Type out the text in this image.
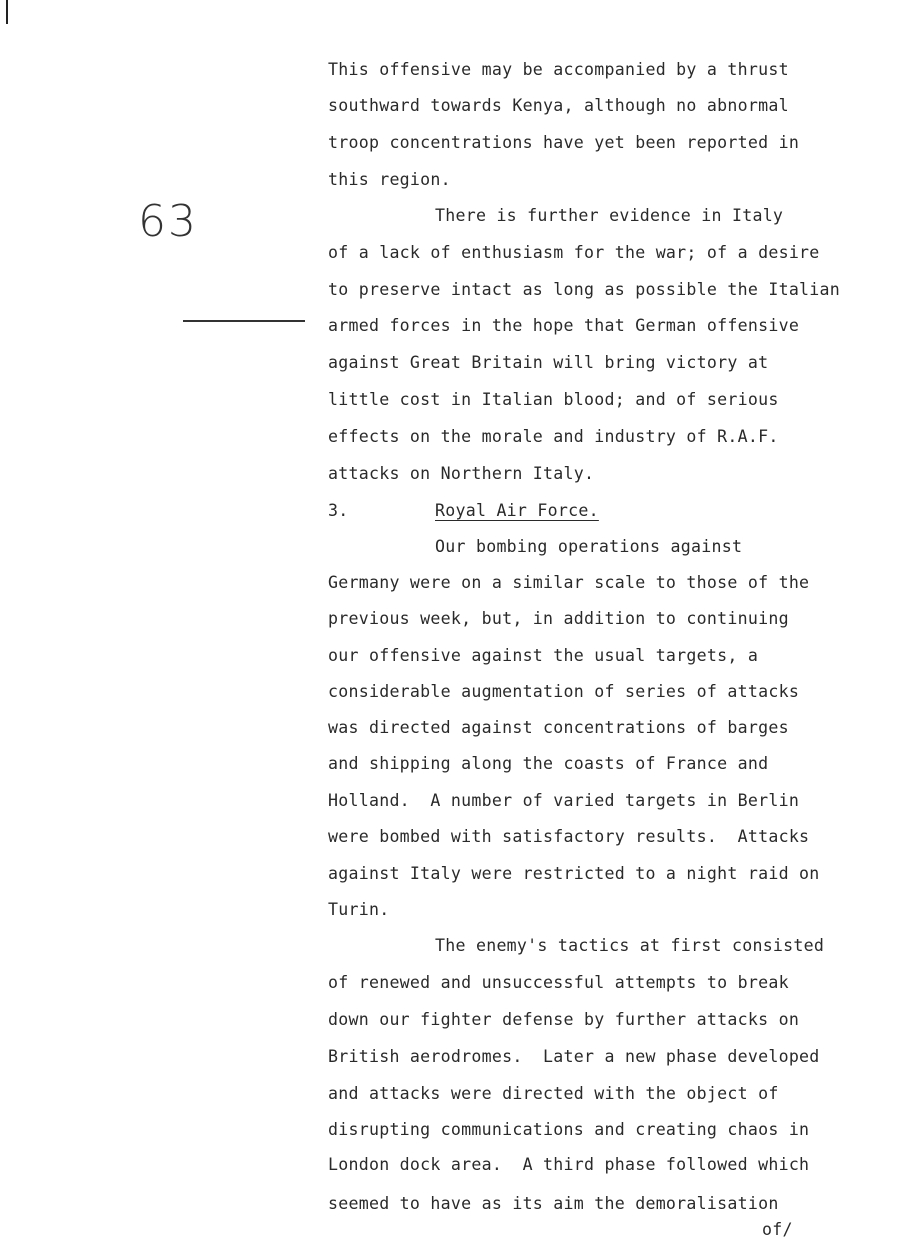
63

This offensive may be accompanied by a thrust

southward towards Kenya, although no abnormal

troop concentrations have yet been reported in

this region.

There is further evidence in Italy

of a lack of enthusiasm for the war; of a desire

to preserve intact as long as possible the Italian

armed forces in the hope that German offensive

against Great Britain will bring victory at

little cost in Italian blood; and of serious

effects on the morale and industry of R.A.F.

attacks on Northern Italy.

3.	Royal Air Force.

Our bombing operations against

Germany were on a similar scale to those of the

previous week, but, in addition to continuing

our offensive against the usual targets, a

considerable augmentation of series of attacks

was directed against concentrations of barges

and shipping along the coasts of France and

Holland.  A number of varied targets in Berlin

were bombed with satisfactory results.  Attacks

against Italy were restricted to a night raid on

Turin.

The enemy's tactics at first consisted

of renewed and unsuccessful attempts to break

down our fighter defense by further attacks on

British aerodromes.  Later a new phase developed

and attacks were directed with the object of

disrupting communications and creating chaos in

London dock area.  A third phase followed which

seemed to have as its aim the demoralisation

of/
